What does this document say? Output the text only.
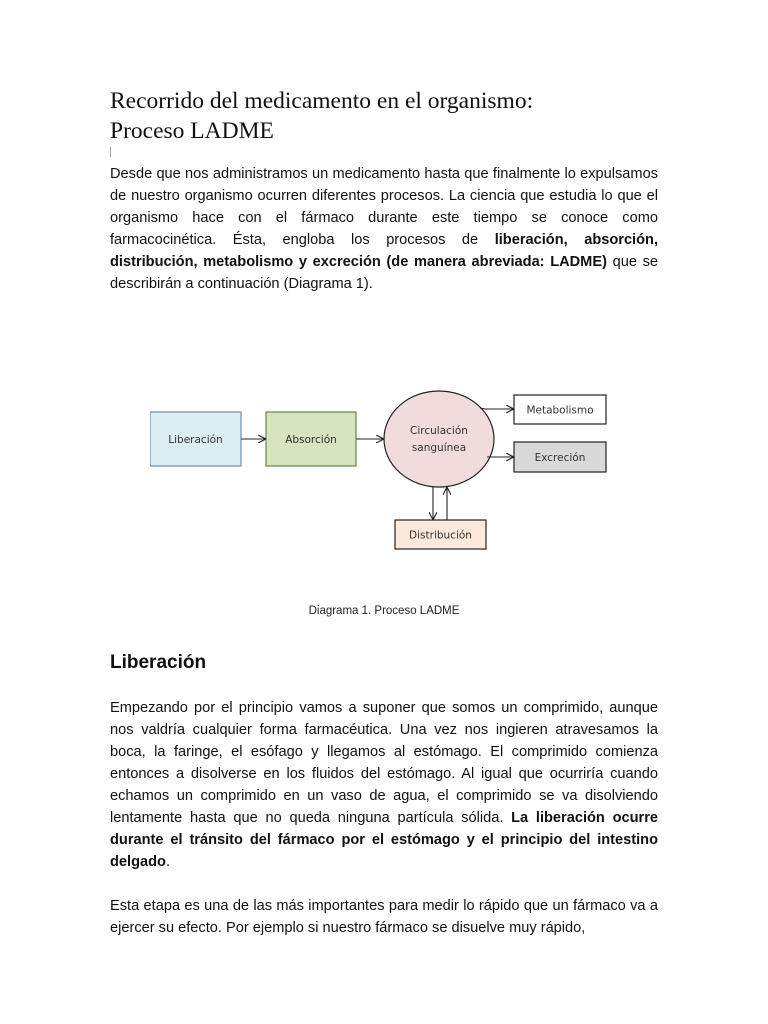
Recorrido del medicamento en el organismo:
Proceso LADME

Desde que nos administramos un medicamento hasta que finalmente lo expulsamos de nuestro organismo ocurren diferentes procesos. La ciencia que estudia lo que el organismo hace con el fármaco durante este tiempo se conoce como farmacocinética. Ésta, engloba los procesos de liberación, absorción, distribución, metabolismo y excreción (de manera abreviada: LADME) que se describirán a continuación (Diagrama 1).

Liberación	Absorción
Circulación
sanguínea
Metabolismo
Excreción
Distribución
Diagrama 1. Proceso LADME
Liberación

Empezando por el principio vamos a suponer que somos un comprimido, aunque nos valdría cualquier forma farmacéutica. Una vez nos ingieren atravesamos la boca, la faringe, el esófago y llegamos al estómago. El comprimido comienza entonces a disolverse en los fluidos del estómago. Al igual que ocurriría cuando echamos un comprimido en un vaso de agua, el comprimido se va disolviendo lentamente hasta que no queda ninguna partícula sólida. La liberación ocurre durante el tránsito del fármaco por el estómago y el principio del intestino delgado.

Esta etapa es una de las más importantes para medir lo rápido que un fármaco va a ejercer su efecto. Por ejemplo si nuestro fármaco se disuelve muy rápido,
